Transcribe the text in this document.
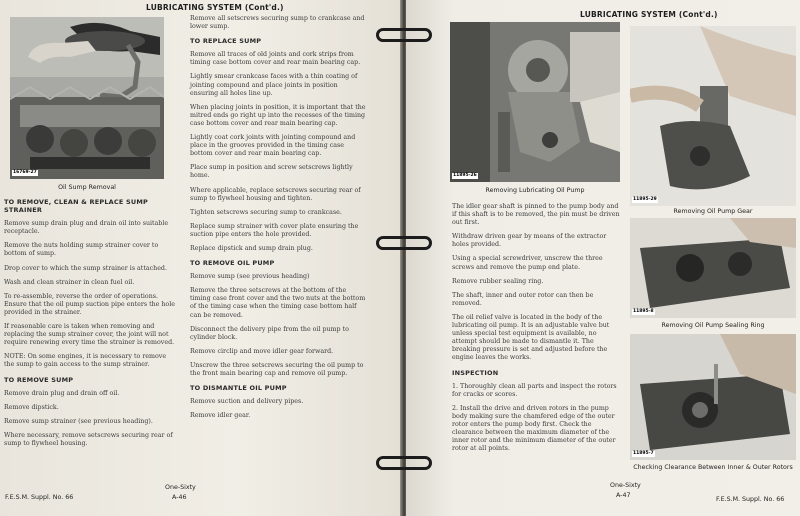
LUBRICATING SYSTEM (Cont'd.)
16769-27
Oil Sump Removal
TO REMOVE, CLEAN & REPLACE SUMP STRAINER

Remove sump drain plug and drain oil into suitable receptacle.

Remove the nuts holding sump strainer cover to bottom of sump.

Drop cover to which the sump strainer is attached.

Wash and clean strainer in clean fuel oil.

To re-assemble, reverse the order of operations. Ensure that the oil pump suction pipe enters the hole provided in the strainer.

If reasonable care is taken when removing and replacing the sump strainer cover, the joint will not require renewing every time the strainer is removed.

NOTE: On some engines, it is necessary to remove the sump to gain access to the sump strainer.

TO REMOVE SUMP

Remove drain plug and drain off oil.

Remove dipstick.

Remove sump strainer (see previous heading).

Where necessary, remove setscrews securing rear of sump to flywheel housing.

Remove all setscrews securing sump to crankcase and lower sump.

TO REPLACE SUMP

Remove all traces of old joints and cork strips from timing case bottom cover and rear main bearing cap.

Lightly smear crankcase faces with a thin coating of jointing compound and place joints in position ensuring all holes line up.

When placing joints in position, it is important that the mitred ends go right up into the recesses of the timing case bottom cover and rear main bearing cap.

Lightly coat cork joints with jointing compound and place in the grooves provided in the timing case bottom cover and rear main bearing cap.

Place sump in position and screw setscrews lightly home.

Where applicable, replace setscrews securing rear of sump to flywheel housing and tighten.

Tighten setscrews securing sump to crankcase.

Replace sump strainer with cover plate ensuring the suction pipe enters the hole provided.

Replace dipstick and sump drain plug.

TO REMOVE OIL PUMP

Remove sump (see previous heading)

Remove the three setscrews at the bottom of the timing case front cover and the two nuts at the bottom of the timing case when the timing case bottom half can be removed.

Disconnect the delivery pipe from the oil pump to cylinder block.

Remove circlip and move idler gear forward.

Unscrew the three setscrews securing the oil pump to the front main bearing cap and remove oil pump.

TO DISMANTLE OIL PUMP

Remove suction and delivery pipes.

Remove idler gear.

F.E.S.M. Suppl. No. 66
One-Sixty
A-46
LUBRICATING SYSTEM (Cont'd.)
11895-26
Removing Lubricating Oil Pump
11895-29
Removing Oil Pump Gear
11895-8
Removing Oil Pump Sealing Ring
11895-7
Checking Clearance Between Inner & Outer Rotors

The idler gear shaft is pinned to the pump body and if this shaft is to be removed, the pin must be driven out first.

Withdraw driven gear by means of the extractor holes provided.

Using a special screwdriver, unscrew the three screws and remove the pump end plate.

Remove rubber sealing ring.

The shaft, inner and outer rotor can then be removed.

The oil relief valve is located in the body of the lubricating oil pump. It is an adjustable valve but unless special test equipment is available, no attempt should be made to dismantle it. The breaking pressure is set and adjusted before the engine leaves the works.

INSPECTION

1. Thoroughly clean all parts and inspect the rotors for cracks or scores.

2. Install the drive and driven rotors in the pump body making sure the chamfered edge of the outer rotor enters the pump body first. Check the clearance between the maximum diameter of the inner rotor and the minimum diameter of the outer rotor at all points.

One-Sixty
A-47
F.E.S.M. Suppl. No. 66
